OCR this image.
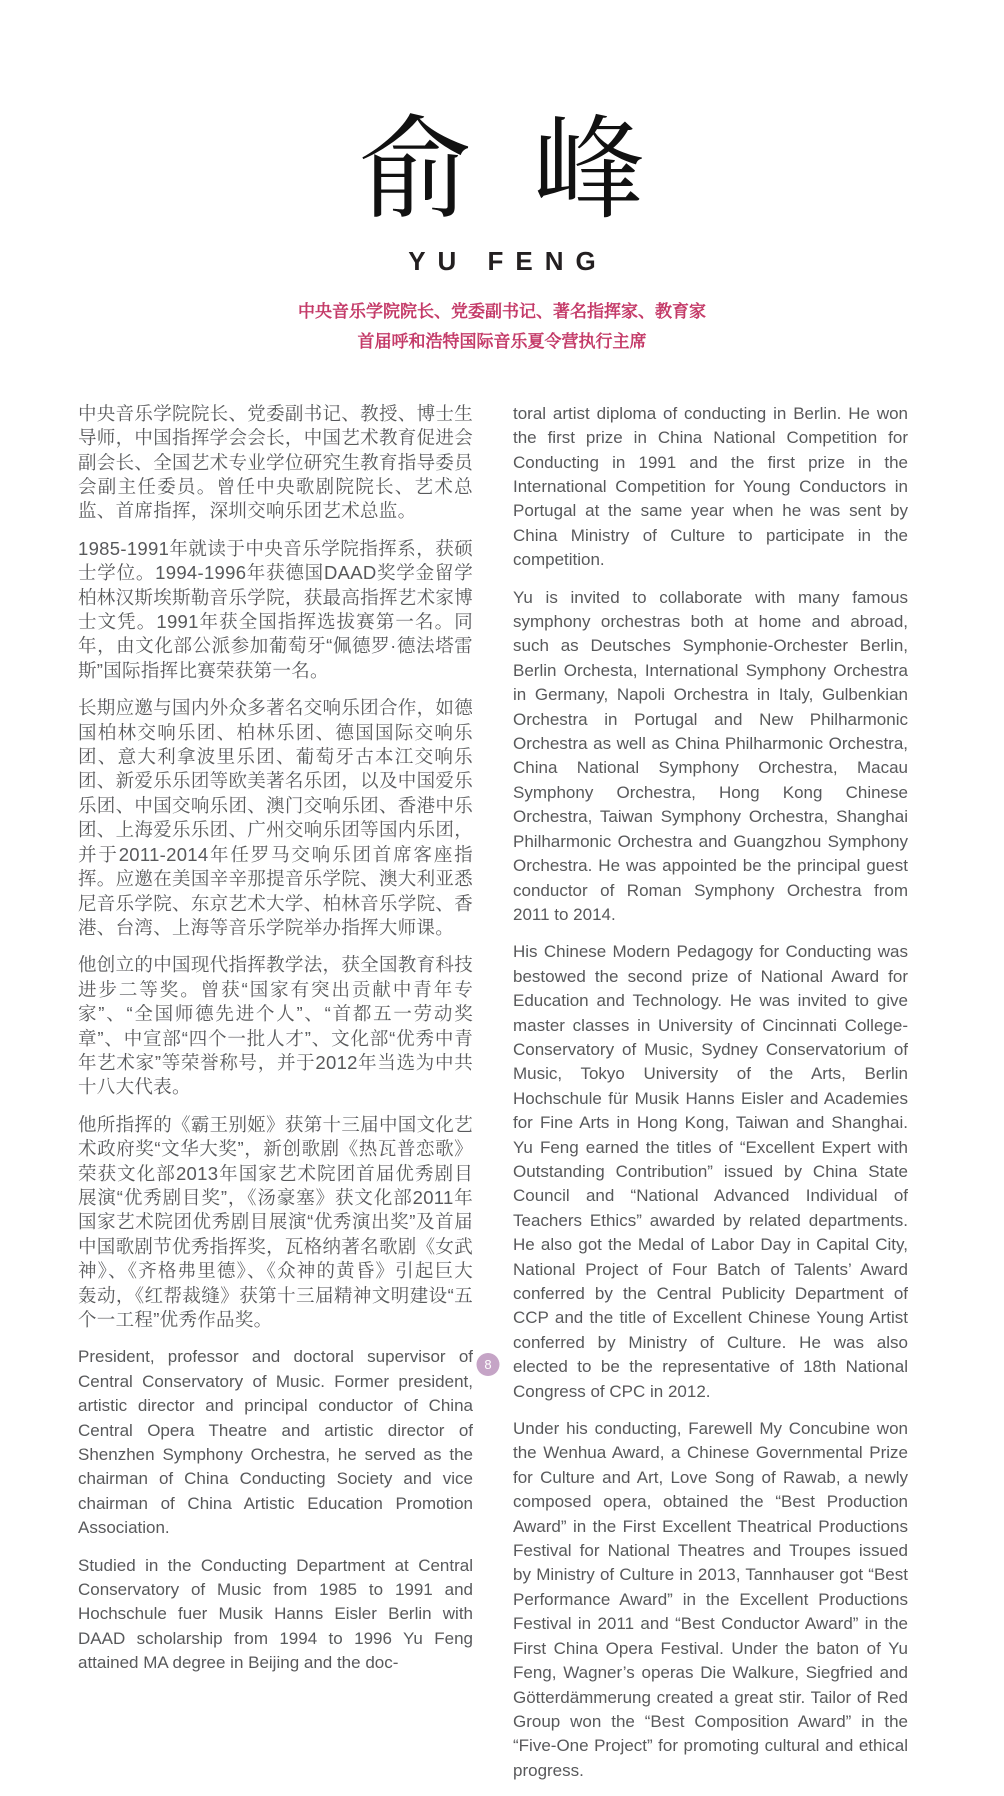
俞峰
YU FENG
中央音乐学院院长、党委副书记、著名指挥家、教育家
首届呼和浩特国际音乐夏令营执行主席

中央音乐学院院长、党委副书记、教授、博士生导师，中国指挥学会会长，中国艺术教育促进会副会长、全国艺术专业学位研究生教育指导委员会副主任委员。曾任中央歌剧院院长、艺术总监、首席指挥，深圳交响乐团艺术总监。

1985-1991年就读于中央音乐学院指挥系，获硕士学位。1994-1996年获德国DAAD奖学金留学柏林汉斯埃斯勒音乐学院，获最高指挥艺术家博士文凭。1991年获全国指挥选拔赛第一名。同年，由文化部公派参加葡萄牙“佩德罗·德法塔雷斯”国际指挥比赛荣获第一名。

长期应邀与国内外众多著名交响乐团合作，如德国柏林交响乐团、柏林乐团、德国国际交响乐团、意大利拿波里乐团、葡萄牙古本江交响乐团、新爱乐乐团等欧美著名乐团，以及中国爱乐乐团、中国交响乐团、澳门交响乐团、香港中乐团、上海爱乐乐团、广州交响乐团等国内乐团，并于2011-2014年任罗马交响乐团首席客座指挥。应邀在美国辛辛那提音乐学院、澳大利亚悉尼音乐学院、东京艺术大学、柏林音乐学院、香港、台湾、上海等音乐学院举办指挥大师课。

他创立的中国现代指挥教学法，获全国教育科技进步二等奖。曾获“国家有突出贡献中青年专家”、“全国师德先进个人”、“首都五一劳动奖章”、中宣部“四个一批人才”、文化部“优秀中青年艺术家”等荣誉称号，并于2012年当选为中共十八大代表。

他所指挥的《霸王别姬》获第十三届中国文化艺术政府奖“文华大奖”，新创歌剧《热瓦普恋歌》荣获文化部2013年国家艺术院团首届优秀剧目展演“优秀剧目奖”，《汤豪塞》获文化部2011年国家艺术院团优秀剧目展演“优秀演出奖”及首届中国歌剧节优秀指挥奖，瓦格纳著名歌剧《女武神》、《齐格弗里德》、《众神的黄昏》引起巨大轰动，《红帮裁缝》获第十三届精神文明建设“五个一工程”优秀作品奖。

President, professor and doctoral supervisor of Central Conservatory of Music. Former president, artistic director and principal conductor of China Central Opera Theatre and artistic director of Shenzhen Symphony Orchestra, he served as the chairman of China Conducting Society and vice chairman of China Artistic Education Promotion Association.

Studied in the Conducting Department at Central Conservatory of Music from 1985 to 1991 and Hochschule fuer Musik Hanns Eisler Berlin with DAAD scholarship from 1994 to 1996 Yu Feng attained MA degree in Beijing and the doc-

toral artist diploma of conducting in Berlin. He won the first prize in China National Competition for Conducting in 1991 and the first prize in the International Competition for Young Conductors in Portugal at the same year when he was sent by China Ministry of Culture to participate in the competition.

Yu is invited to collaborate with many famous symphony orchestras both at home and abroad, such as Deutsches Symphonie-Orchester Berlin, Berlin Orchesta, International Symphony Orchestra in Germany, Napoli Orchestra in Italy, Gulbenkian Orchestra in Portugal and New Philharmonic Orchestra as well as China Philharmonic Orchestra, China National Symphony Orchestra, Macau Symphony Orchestra, Hong Kong Chinese Orchestra, Taiwan Symphony Orchestra, Shanghai Philharmonic Orchestra and Guangzhou Symphony Orchestra. He was appointed be the principal guest conductor of Roman Symphony Orchestra from 2011 to 2014.

His Chinese Modern Pedagogy for Conducting was bestowed the second prize of National Award for Education and Technology. He was invited to give master classes in University of Cincinnati College-Conservatory of Music, Sydney Conservatorium of Music, Tokyo University of the Arts, Berlin Hochschule für Musik Hanns Eisler and Academies for Fine Arts in Hong Kong, Taiwan and Shanghai. Yu Feng earned the titles of “Excellent Expert with Outstanding Contribution” issued by China State Council and “National Advanced Individual of Teachers Ethics” awarded by related departments. He also got the Medal of Labor Day in Capital City, National Project of Four Batch of Talents’ Award conferred by the Central Publicity Department of CCP and the title of Excellent Chinese Young Artist conferred by Ministry of Culture. He was also elected to be the representative of 18th National Congress of CPC in 2012.

Under his conducting, Farewell My Concubine won the Wenhua Award, a Chinese Governmental Prize for Culture and Art, Love Song of Rawab, a newly composed opera, obtained the “Best Production Award” in the First Excellent Theatrical Productions Festival for National Theatres and Troupes issued by Ministry of Culture in 2013, Tannhauser got “Best Performance Award” in the Excellent Productions Festival in 2011 and “Best Conductor Award” in the First China Opera Festival. Under the baton of Yu Feng, Wagner’s operas Die Walkure, Siegfried and Götterdämmerung created a great stir. Tailor of Red Group won the “Best Composition Award” in the “Five-One Project” for promoting cultural and ethical progress.

8
